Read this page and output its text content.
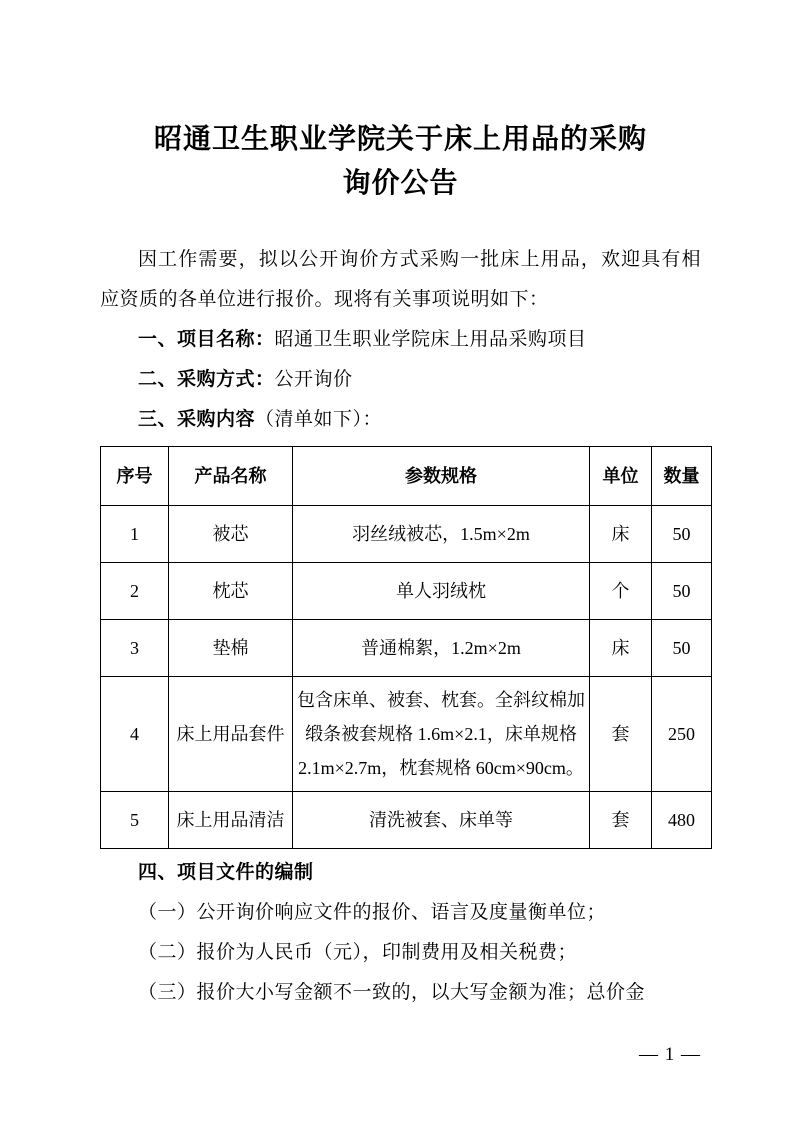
昭通卫生职业学院关于床上用品的采购
询价公告

因工作需要，拟以公开询价方式采购一批床上用品，欢迎具有相应资质的各单位进行报价。现将有关事项说明如下：

一、项目名称：昭通卫生职业学院床上用品采购项目

二、采购方式：公开询价

三、采购内容（清单如下）：

序号	产品名称	参数规格	单位	数量
1	被芯	羽丝绒被芯，1.5m×2m	床	50
2	枕芯	单人羽绒枕	个	50
3	垫棉	普通棉絮，1.2m×2m	床	50
4	床上用品套件	包含床单、被套、枕套。全斜纹棉加缎条被套规格 1.6m×2.1，床单规格 2.1m×2.7m，枕套规格 60cm×90cm。	套	250
5	床上用品清洁	清洗被套、床单等	套	480

四、项目文件的编制

（一）公开询价响应文件的报价、语言及度量衡单位；

（二）报价为人民币（元），印制费用及相关税费；

（三）报价大小写金额不一致的，以大写金额为准；总价金

— 1 —
